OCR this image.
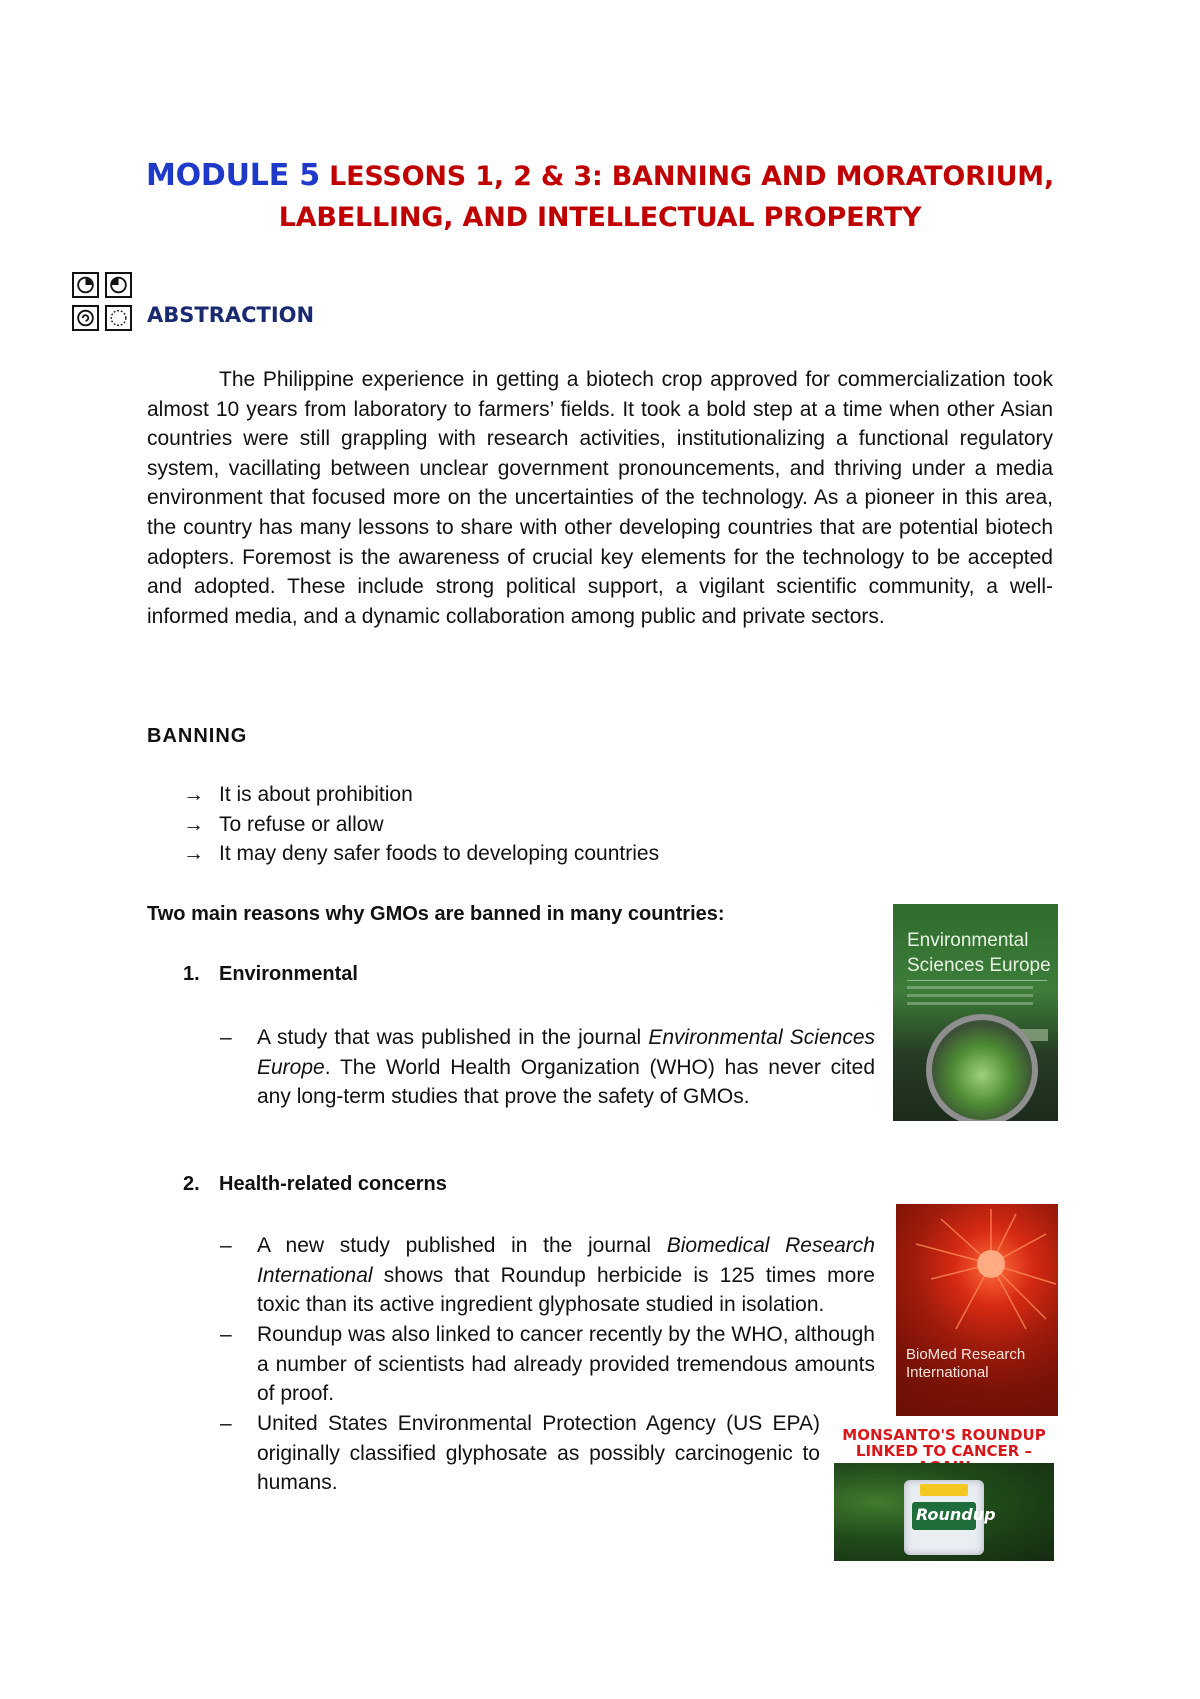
MODULE 5 LESSONS 1, 2 & 3: BANNING AND MORATORIUM,
LABELLING, AND INTELLECTUAL PROPERTY
ABSTRACTION
The Philippine experience in getting a biotech crop approved for commercialization took almost 10 years from laboratory to farmers’ fields. It took a bold step at a time when other Asian countries were still grappling with research activities, institutionalizing a functional regulatory system, vacillating between unclear government pronouncements, and thriving under a media environment that focused more on the uncertainties of the technology. As a pioneer in this area, the country has many lessons to share with other developing countries that are potential biotech adopters. Foremost is the awareness of crucial key elements for the technology to be accepted and adopted. These include strong political support, a vigilant scientific community, a well-informed media, and a dynamic collaboration among public and private sectors.
BANNING
→ It is about prohibition
→ To refuse or allow
→ It may deny safer foods to developing countries
Two main reasons why GMOs are banned in many countries:
1. Environmental
– A study that was published in the journal Environmental Sciences Europe. The World Health Organization (WHO) has never cited any long-term studies that prove the safety of GMOs.
2. Health-related concerns
– A new study published in the journal Biomedical Research International shows that Roundup herbicide is 125 times more toxic than its active ingredient glyphosate studied in isolation.
– Roundup was also linked to cancer recently by the WHO, although a number of scientists had already provided tremendous amounts of proof.
– United States Environmental Protection Agency (US EPA) originally classified glyphosate as possibly carcinogenic to humans.
Environmental Sciences Europe
BioMed Research International
MONSANTO'S ROUNDUP LINKED TO CANCER –
Roundup
